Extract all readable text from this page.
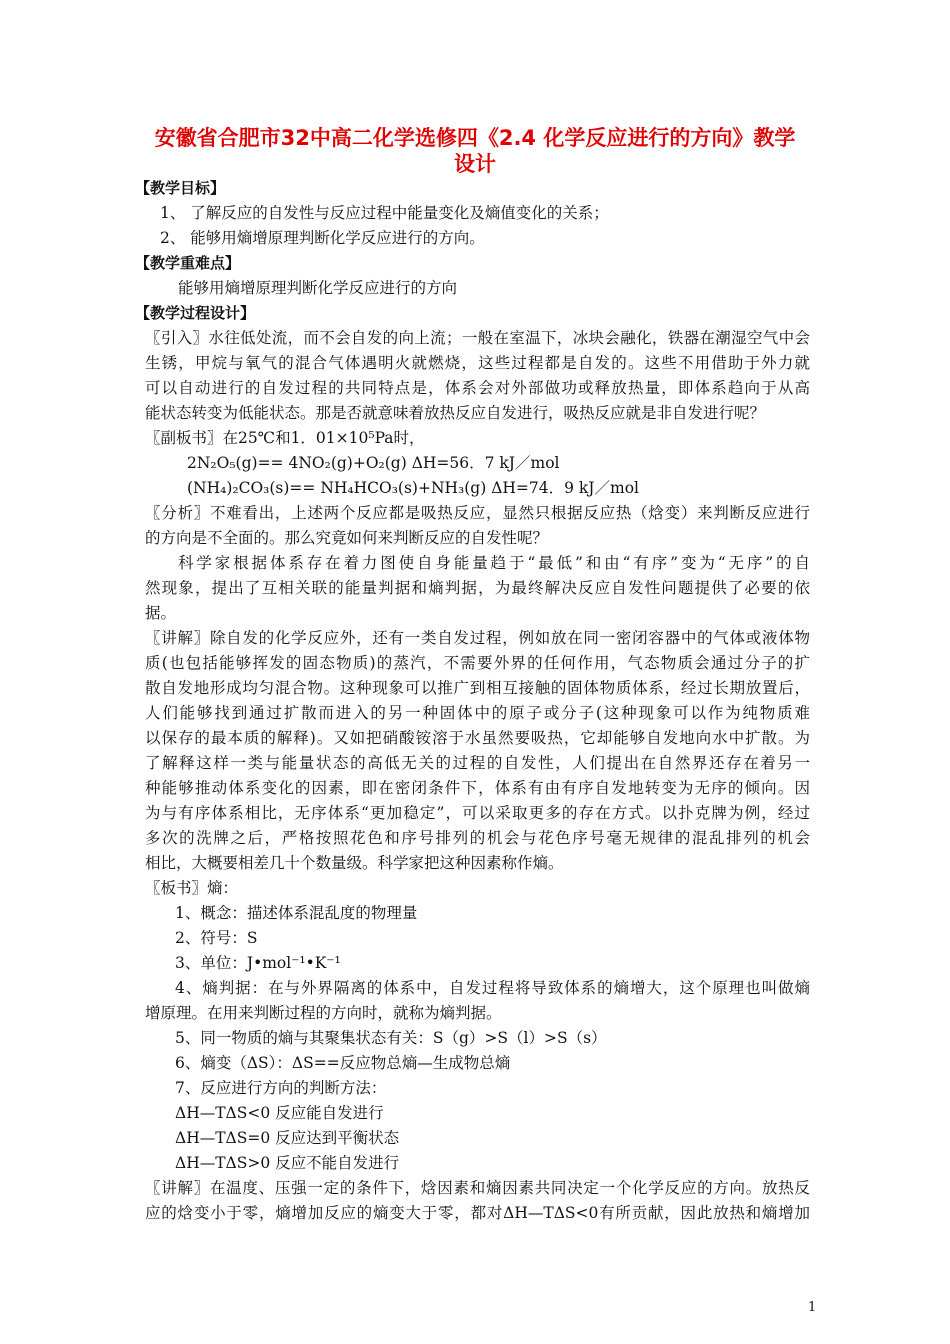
安徽省合肥市32中高二化学选修四《2.4 化学反应进行的方向》教学
设计
【教学目标】
1、 了解反应的自发性与反应过程中能量变化及熵值变化的关系；
2、 能够用熵增原理判断化学反应进行的方向。
【教学重难点】
能够用熵增原理判断化学反应进行的方向
【教学过程设计】
〖引入〗水往低处流，而不会自发的向上流；一般在室温下，冰块会融化，铁器在潮湿空气中会
生锈，甲烷与氧气的混合气体遇明火就燃烧，这些过程都是自发的。这些不用借助于外力就
可以自动进行的自发过程的共同特点是，体系会对外部做功或释放热量，即体系趋向于从高
能状态转变为低能状态。那是否就意味着放热反应自发进行，吸热反应就是非自发进行呢？
〖副板书〗在25℃和1．01×10⁵Pa时，
2N₂O₅(g)== 4NO₂(g)+O₂(g) ΔH=56．7 kJ／mol
(NH₄)₂CO₃(s)== NH₄HCO₃(s)+NH₃(g) ΔH=74．9 kJ／mol
〖分析〗不难看出，上述两个反应都是吸热反应，显然只根据反应热（焓变）来判断反应进行
的方向是不全面的。那么究竟如何来判断反应的自发性呢？
科学家根据体系存在着力图使自身能量趋于“最低”和由“有序”变为“无序”的自
然现象，提出了互相关联的能量判据和熵判据，为最终解决反应自发性问题提供了必要的依
据。
〖讲解〗除自发的化学反应外，还有一类自发过程，例如放在同一密闭容器中的气体或液体物
质(也包括能够挥发的固态物质)的蒸汽，不需要外界的任何作用，气态物质会通过分子的扩
散自发地形成均匀混合物。这种现象可以推广到相互接触的固体物质体系，经过长期放置后，
人们能够找到通过扩散而进入的另一种固体中的原子或分子(这种现象可以作为纯物质难
以保存的最本质的解释)。又如把硝酸铵溶于水虽然要吸热，它却能够自发地向水中扩散。为
了解释这样一类与能量状态的高低无关的过程的自发性，人们提出在自然界还存在着另一
种能够推动体系变化的因素，即在密闭条件下，体系有由有序自发地转变为无序的倾向。因
为与有序体系相比，无序体系“更加稳定”，可以采取更多的存在方式。以扑克牌为例，经过
多次的洗牌之后，严格按照花色和序号排列的机会与花色序号毫无规律的混乱排列的机会
相比，大概要相差几十个数量级。科学家把这种因素称作熵。
〖板书〗熵：
1、概念：描述体系混乱度的物理量
2、符号：S
3、单位：J•mol⁻¹•K⁻¹
4、熵判据：在与外界隔离的体系中，自发过程将导致体系的熵增大，这个原理也叫做熵
增原理。在用来判断过程的方向时，就称为熵判据。
5、同一物质的熵与其聚集状态有关：S（g）>S（l）>S（s）
6、熵变（ΔS）：ΔS==反应物总熵—生成物总熵
7、反应进行方向的判断方法：
ΔH—TΔS<0 反应能自发进行
ΔH—TΔS=0 反应达到平衡状态
ΔH—TΔS>0 反应不能自发进行
〖讲解〗在温度、压强一定的条件下，焓因素和熵因素共同决定一个化学反应的方向。放热反
应的焓变小于零，熵增加反应的熵变大于零，都对ΔH—TΔS<0有所贡献，因此放热和熵增加
1
